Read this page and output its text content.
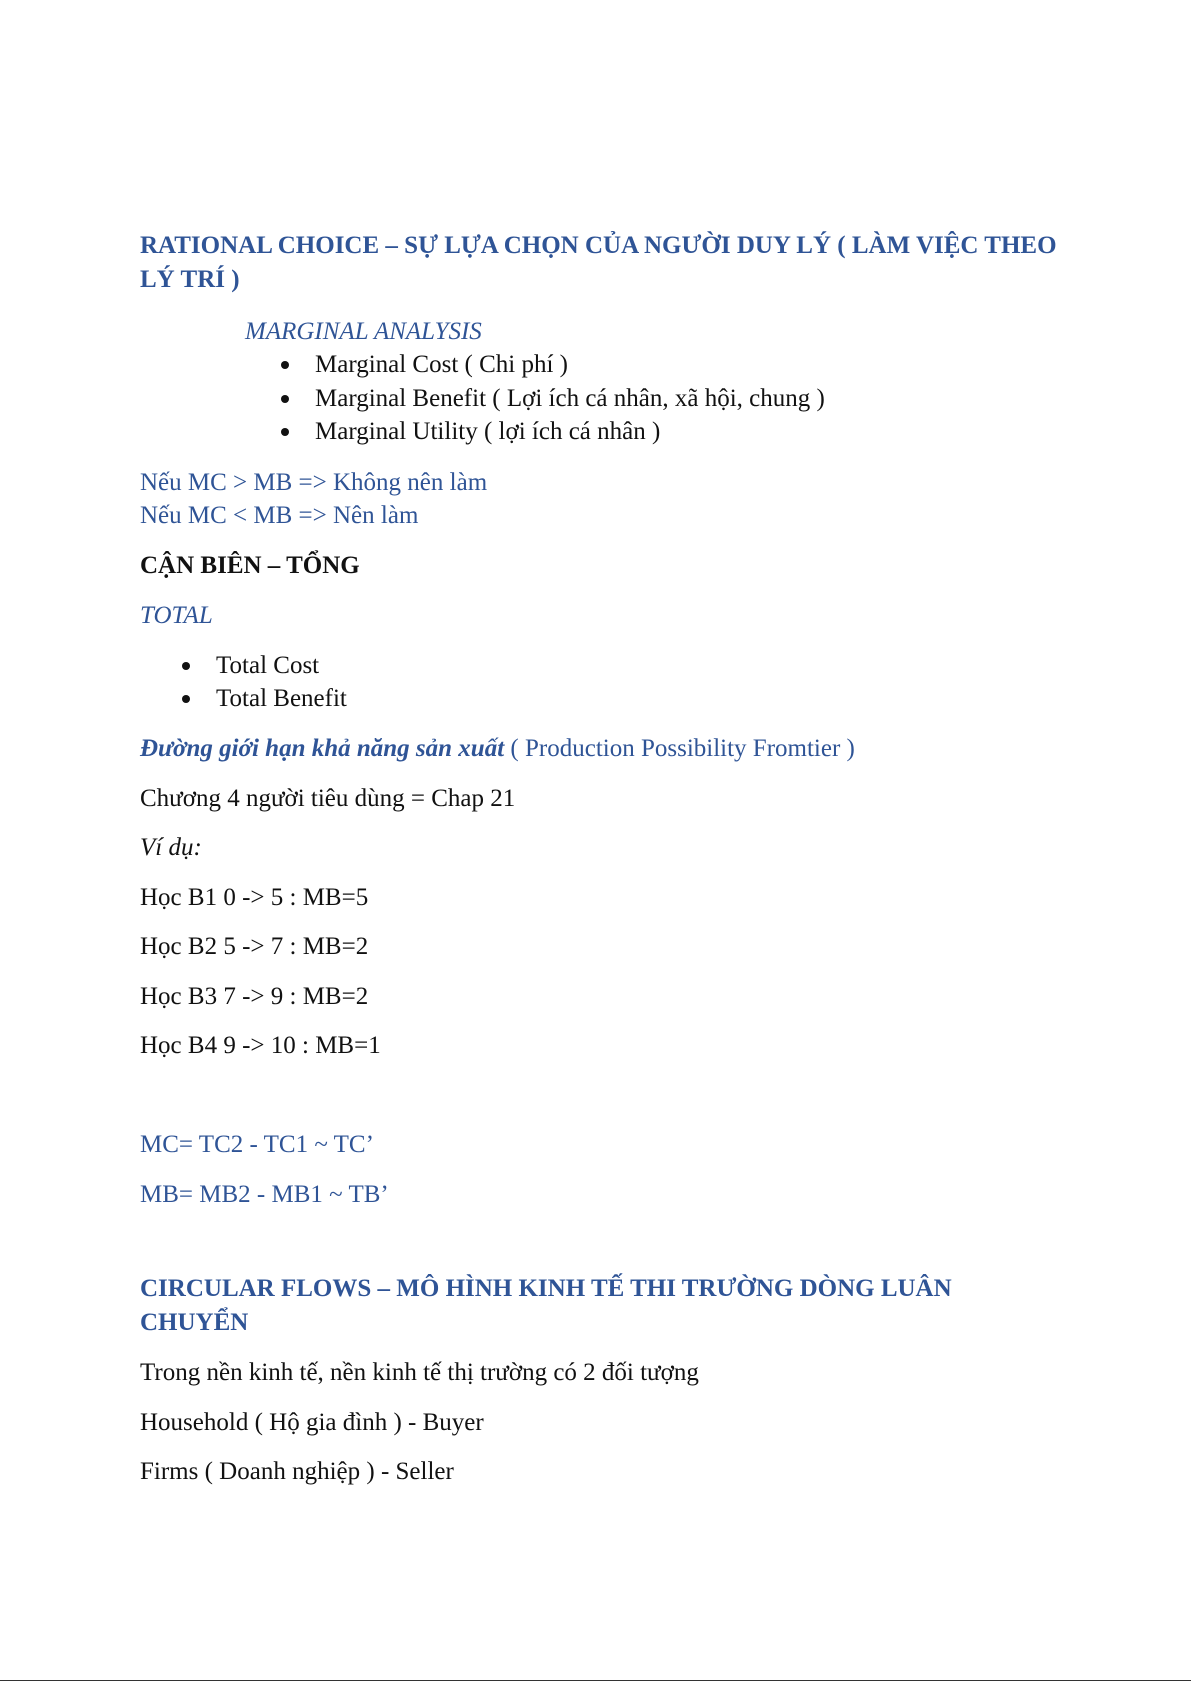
RATIONAL CHOICE – SỰ LỰA CHỌN CỦA NGƯỜI DUY LÝ ( LÀM VIỆC THEO LÝ TRÍ )

MARGINAL ANALYSIS

Marginal Cost ( Chi phí )

Marginal Benefit ( Lợi ích cá nhân, xã hội, chung )

Marginal Utility ( lợi ích cá nhân )

Nếu MC > MB => Không nên làm

Nếu MC < MB => Nên làm

CẬN BIÊN – TỔNG

TOTAL

Total Cost

Total Benefit

Đường giới hạn khả năng sản xuất ( Production Possibility Fromtier )

Chương 4 người tiêu dùng = Chap 21

Ví dụ:

Học B1 0 -> 5 : MB=5

Học B2 5 -> 7 : MB=2

Học B3 7 -> 9 : MB=2

Học B4 9 -> 10 : MB=1

MC= TC2 - TC1 ~ TC’

MB= MB2 - MB1 ~ TB’

CIRCULAR FLOWS – MÔ HÌNH KINH TẾ THI TRƯỜNG DÒNG LUÂN CHUYỂN

Trong nền kinh tế, nền kinh tế thị trường có 2 đối tượng

Household ( Hộ gia đình ) - Buyer

Firms ( Doanh nghiệp ) - Seller
